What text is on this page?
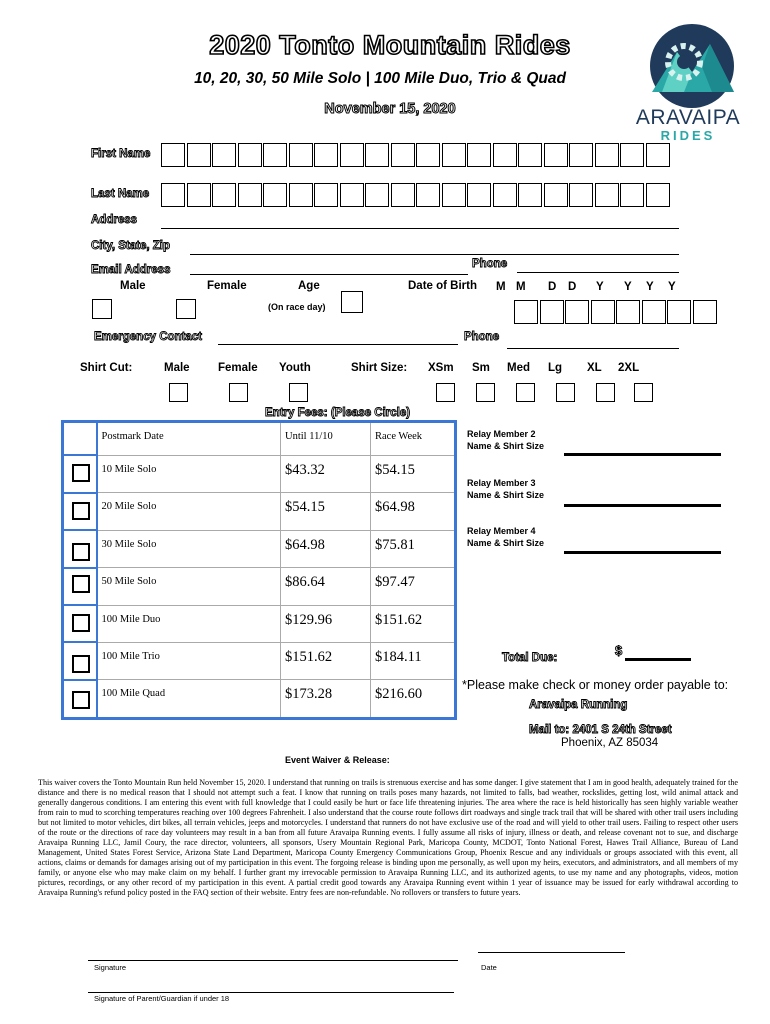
2020 Tonto Mountain Rides
10, 20, 30, 50 Mile Solo | 100 Mile Duo, Trio & Quad
November 15, 2020	ARAVAIPA
RIDES
First Name
Last Name
Address
City, State, Zip
Email Address	Phone
Male	Female	Age
(On race day)
Date of Birth M M D D Y Y Y Y
Emergency Contact	Phone
Shirt Cut:	Male Female Youth	Shirt Size: XSm Sm Med Lg XL 2XL
Entry Fees: (Please Circle)
	Postmark Date	Until 11/10	Race Week

	10 Mile Solo	$43.32	$54.15

	20 Mile Solo	$54.15	$64.98

	30 Mile Solo	$64.98	$75.81

	50 Mile Solo	$86.64	$97.47

	100 Mile Duo	$129.96	$151.62

	100 Mile Trio	$151.62	$184.11

	100 Mile Quad	$173.28	$216.60
Relay Member 2
Name & Shirt Size
Relay Member 3
Name & Shirt Size
Relay Member 4
Name & Shirt Size
Total Due:	$
*Please make check or money order payable to:
Aravaipa Running
Mail to: 2401 S 24th Street
Phoenix, AZ 85034
Event Waiver & Release:
This waiver covers the Tonto Mountain Run held November 15, 2020. I understand that running on trails is strenuous exercise and has some danger. I give statement that I am in good health, adequately trained for the distance and there is no medical reason that I should not attempt such a feat. I know that running on trails poses many hazards, not limited to falls, bad weather, rockslides, getting lost, wild animal attack and generally dangerous conditions. I am entering this event with full knowledge that I could easily be hurt or face life threatening injuries. The area where the race is held historically has seen highly variable weather from rain to mud to scorching temperatures reaching over 100 degrees Fahrenheit. I also understand that the course route follows dirt roadways and single track trail that will be shared with other trail users including but not limited to motor vehicles, dirt bikes, all terrain vehicles, jeeps and motorcycles. I understand that runners do not have exclusive use of the road and will yield to other trail users. Failing to respect other users of the route or the directions of race day volunteers may result in a ban from all future Aravaipa Running events. I fully assume all risks of injury, illness or death, and release covenant not to sue, and discharge Aravaipa Running LLC, Jamil Coury, the race director, volunteers, all sponsors, Usery Mountain Regional Park, Maricopa County, MCDOT, Tonto National Forest, Hawes Trail Alliance, Bureau of Land Management, United States Forest Service, Arizona State Land Department, Maricopa County Emergency Communications Group, Phoenix Rescue and any individuals or groups associated with this event, all actions, claims or demands for damages arising out of my participation in this event. The forgoing release is binding upon me personally, as well upon my heirs, executors, and administrators, and all members of my family, or anyone else who may make claim on my behalf. I further grant my irrevocable permission to Aravaipa Running LLC, and its authorized agents, to use my name and any photographs, videos, motion pictures, recordings, or any other record of my participation in this event. A partial credit good towards any Aravaipa Running event within 1 year of issuance may be issued for early withdrawal according to Aravaipa Running's refund policy posted in the FAQ section of their website. Entry fees are non-refundable. No rollovers or transfers to future years.
Signature	Date
Signature of Parent/Guardian if under 18
